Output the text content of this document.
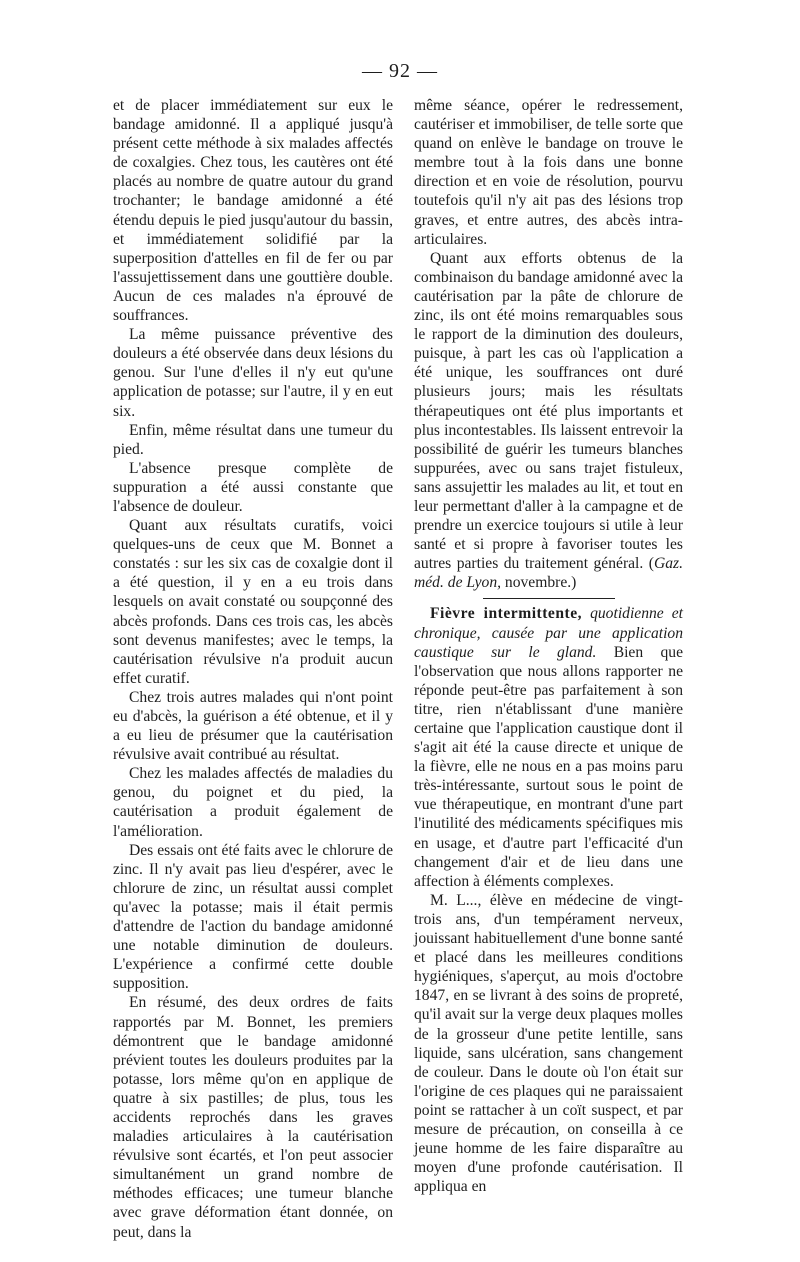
— 92 —

et de placer immédiatement sur eux le bandage amidonné. Il a appliqué jusqu'à présent cette méthode à six malades affectés de coxalgies. Chez tous, les cautères ont été placés au nombre de quatre autour du grand trochanter; le bandage amidonné a été étendu depuis le pied jusqu'autour du bassin, et immédiatement solidifié par la superposition d'attelles en fil de fer ou par l'assujettissement dans une gouttière double. Aucun de ces malades n'a éprouvé de souffrances.

La même puissance préventive des douleurs a été observée dans deux lésions du genou. Sur l'une d'elles il n'y eut qu'une application de potasse; sur l'autre, il y en eut six.

Enfin, même résultat dans une tumeur du pied.

L'absence presque complète de suppuration a été aussi constante que l'absence de douleur.

Quant aux résultats curatifs, voici quelques-uns de ceux que M. Bonnet a constatés : sur les six cas de coxalgie dont il a été question, il y en a eu trois dans lesquels on avait constaté ou soupçonné des abcès profonds. Dans ces trois cas, les abcès sont devenus manifestes; avec le temps, la cautérisation révulsive n'a produit aucun effet curatif.

Chez trois autres malades qui n'ont point eu d'abcès, la guérison a été obtenue, et il y a eu lieu de présumer que la cautérisation révulsive avait contribué au résultat.

Chez les malades affectés de maladies du genou, du poignet et du pied, la cautérisation a produit également de l'amélioration.

Des essais ont été faits avec le chlorure de zinc. Il n'y avait pas lieu d'espérer, avec le chlorure de zinc, un résultat aussi complet qu'avec la potasse; mais il était permis d'attendre de l'action du bandage amidonné une notable diminution de douleurs. L'expérience a confirmé cette double supposition.

En résumé, des deux ordres de faits rapportés par M. Bonnet, les premiers démontrent que le bandage amidonné prévient toutes les douleurs produites par la potasse, lors même qu'on en applique de quatre à six pastilles; de plus, tous les accidents reprochés dans les graves maladies articulaires à la cautérisation révulsive sont écartés, et l'on peut associer simultanément un grand nombre de méthodes efficaces; une tumeur blanche avec grave déformation étant donnée, on peut, dans la

même séance, opérer le redressement, cautériser et immobiliser, de telle sorte que quand on enlève le bandage on trouve le membre tout à la fois dans une bonne direction et en voie de résolution, pourvu toutefois qu'il n'y ait pas des lésions trop graves, et entre autres, des abcès intra-articulaires.

Quant aux efforts obtenus de la combinaison du bandage amidonné avec la cautérisation par la pâte de chlorure de zinc, ils ont été moins remarquables sous le rapport de la diminution des douleurs, puisque, à part les cas où l'application a été unique, les souffrances ont duré plusieurs jours; mais les résultats thérapeutiques ont été plus importants et plus incontestables. Ils laissent entrevoir la possibilité de guérir les tumeurs blanches suppurées, avec ou sans trajet fistuleux, sans assujettir les malades au lit, et tout en leur permettant d'aller à la campagne et de prendre un exercice toujours si utile à leur santé et si propre à favoriser toutes les autres parties du traitement général. (Gaz. méd. de Lyon, novembre.)

Fièvre intermittente, quotidienne et chronique, causée par une application caustique sur le gland. Bien que l'observation que nous allons rapporter ne réponde peut-être pas parfaitement à son titre, rien n'établissant d'une manière certaine que l'application caustique dont il s'agit ait été la cause directe et unique de la fièvre, elle ne nous en a pas moins paru très-intéressante, surtout sous le point de vue thérapeutique, en montrant d'une part l'inutilité des médicaments spécifiques mis en usage, et d'autre part l'efficacité d'un changement d'air et de lieu dans une affection à éléments complexes.

M. L..., élève en médecine de vingt-trois ans, d'un tempérament nerveux, jouissant habituellement d'une bonne santé et placé dans les meilleures conditions hygiéniques, s'aperçut, au mois d'octobre 1847, en se livrant à des soins de propreté, qu'il avait sur la verge deux plaques molles de la grosseur d'une petite lentille, sans liquide, sans ulcération, sans changement de couleur. Dans le doute où l'on était sur l'origine de ces plaques qui ne paraissaient point se rattacher à un coït suspect, et par mesure de précaution, on conseilla à ce jeune homme de les faire disparaître au moyen d'une profonde cautérisation. Il appliqua en
